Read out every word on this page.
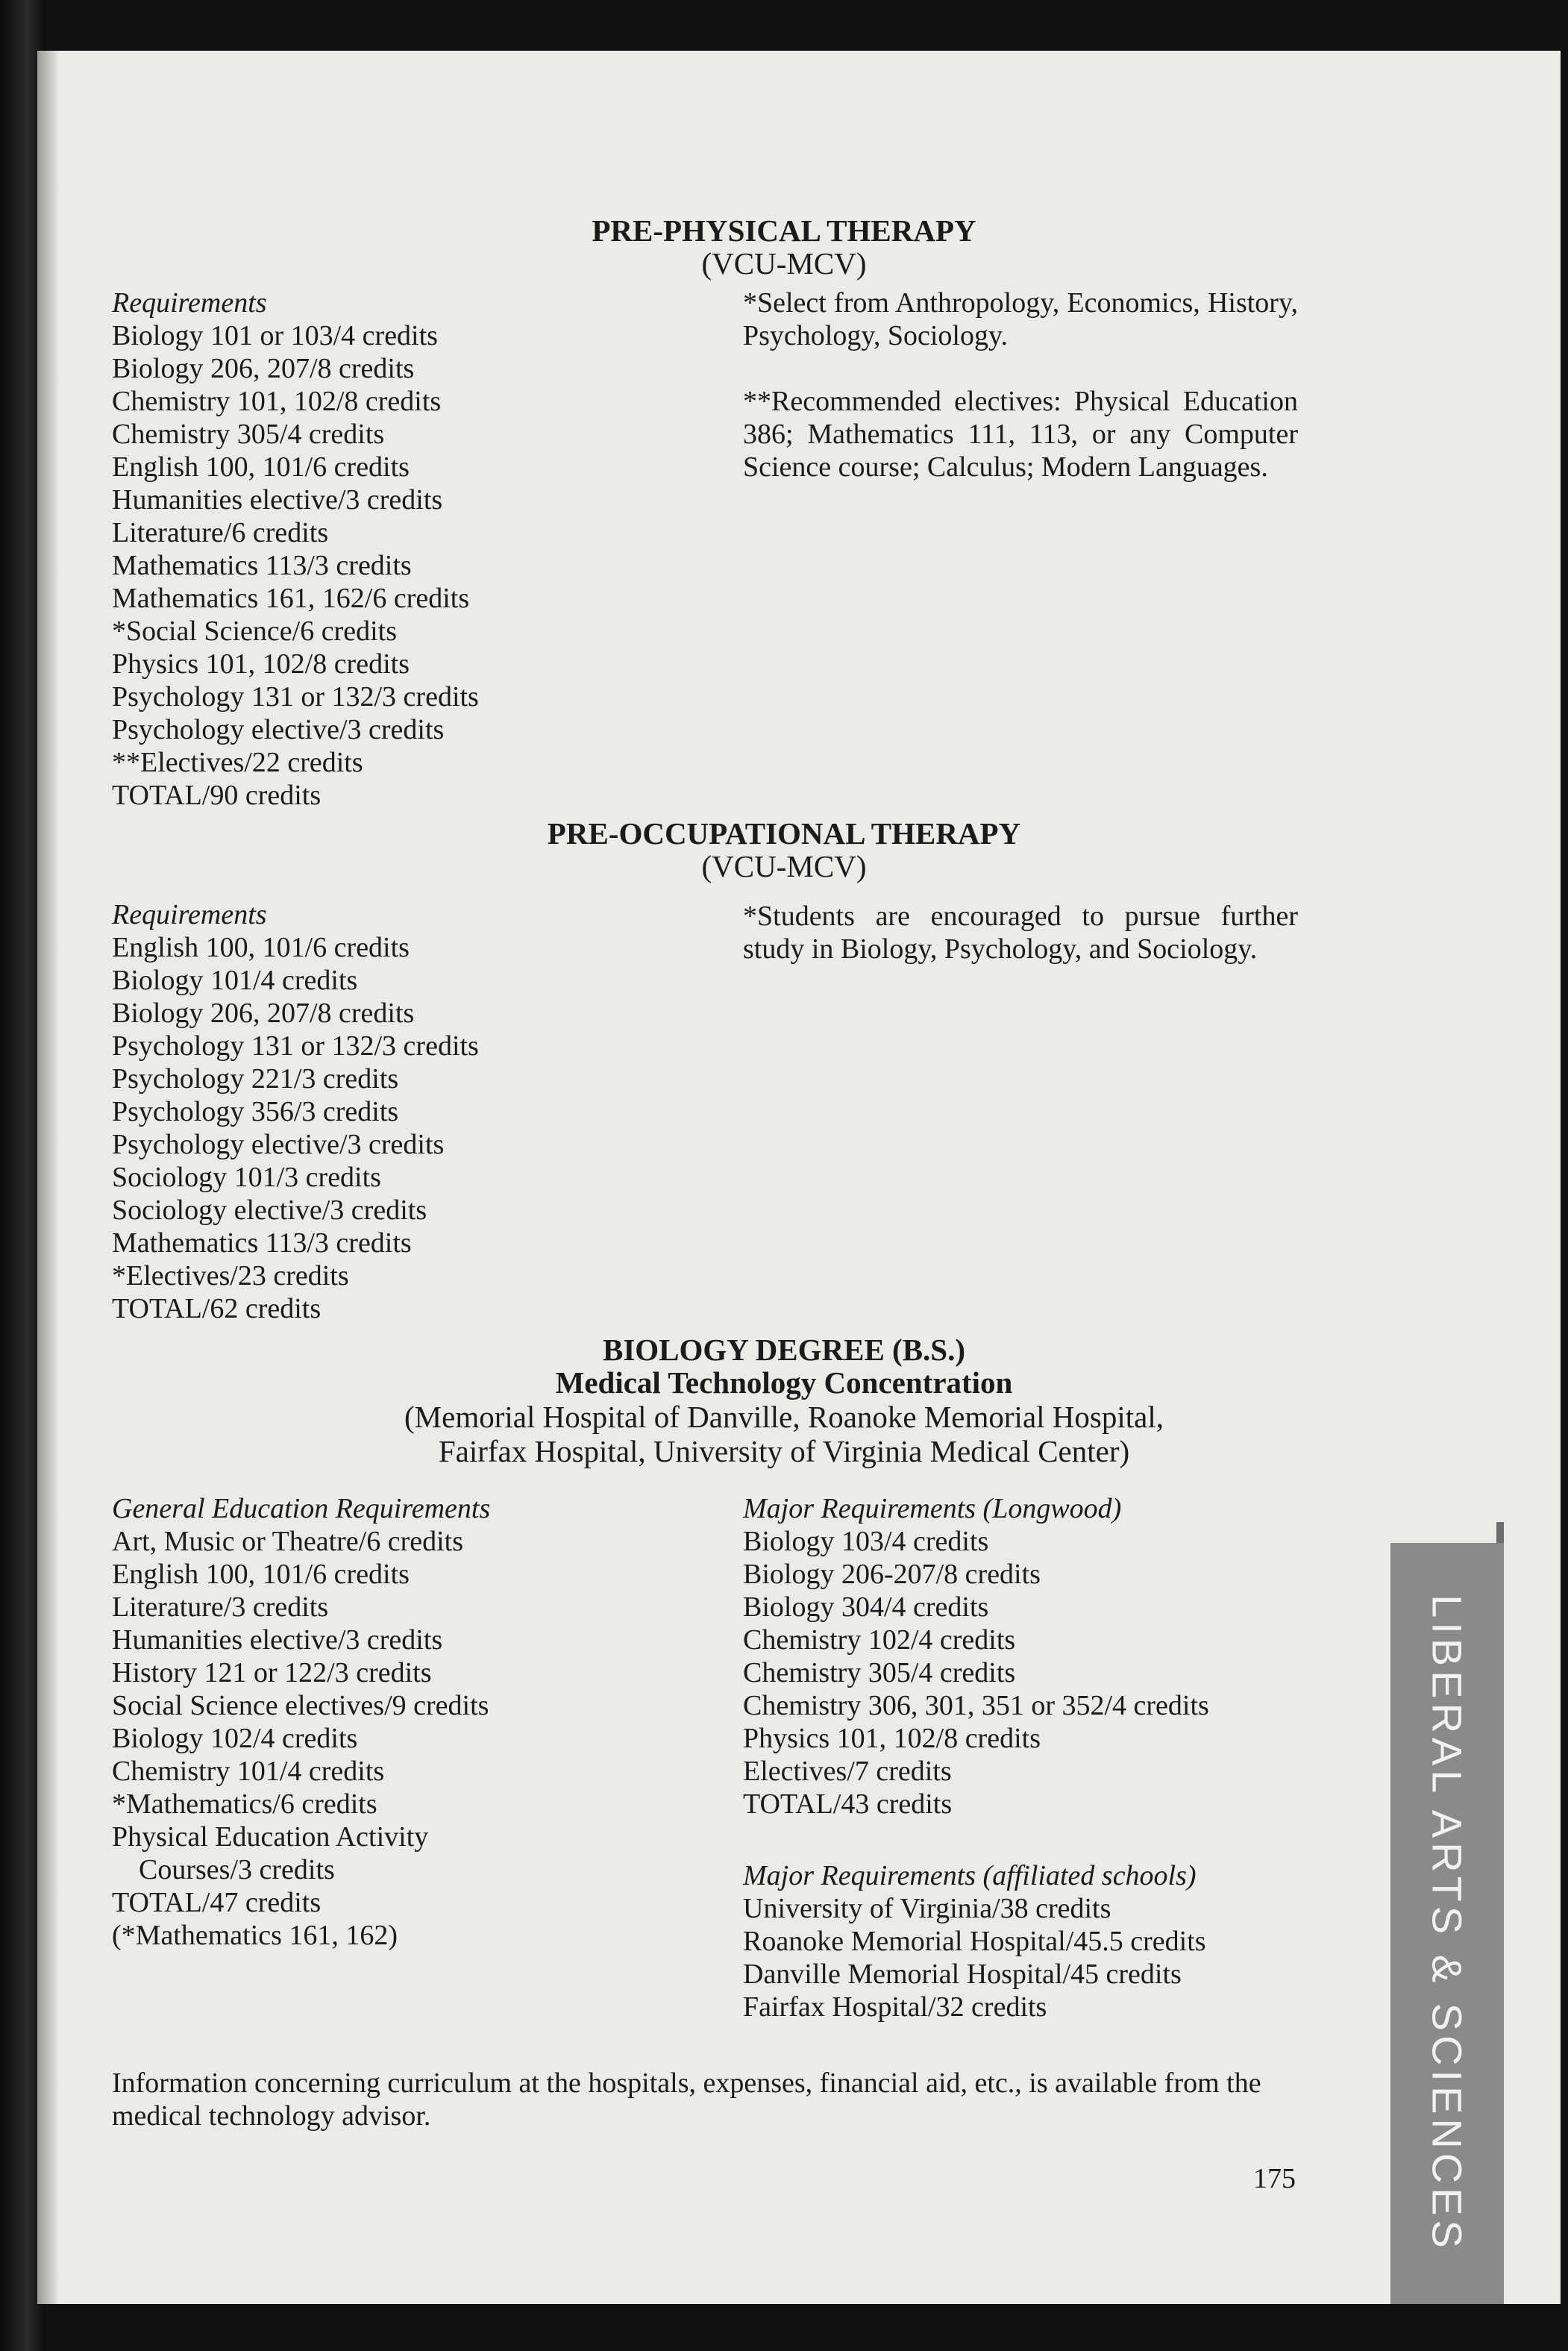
PRE-PHYSICAL THERAPY
(VCU-MCV)
Requirements
Biology 101 or 103/4 credits
Biology 206, 207/8 credits
Chemistry 101, 102/8 credits
Chemistry 305/4 credits
English 100, 101/6 credits
Humanities elective/3 credits
Literature/6 credits
Mathematics 113/3 credits
Mathematics 161, 162/6 credits
*Social Science/6 credits
Physics 101, 102/8 credits
Psychology 131 or 132/3 credits
Psychology elective/3 credits
**Electives/22 credits
TOTAL/90 credits
*Select from Anthropology, Economics, History, Psychology, Sociology.
**Recommended electives: Physical Education 386; Mathematics 111, 113, or any Computer Science course; Calculus; Modern Languages.
PRE-OCCUPATIONAL THERAPY
(VCU-MCV)
Requirements
English 100, 101/6 credits
Biology 101/4 credits
Biology 206, 207/8 credits
Psychology 131 or 132/3 credits
Psychology 221/3 credits
Psychology 356/3 credits
Psychology elective/3 credits
Sociology 101/3 credits
Sociology elective/3 credits
Mathematics 113/3 credits
*Electives/23 credits
TOTAL/62 credits
*Students are encouraged to pursue further study in Biology, Psychology, and Sociology.
BIOLOGY DEGREE (B.S.)
Medical Technology Concentration
(Memorial Hospital of Danville, Roanoke Memorial Hospital,
Fairfax Hospital, University of Virginia Medical Center)
General Education Requirements
Art, Music or Theatre/6 credits
English 100, 101/6 credits
Literature/3 credits
Humanities elective/3 credits
History 121 or 122/3 credits
Social Science electives/9 credits
Biology 102/4 credits
Chemistry 101/4 credits
*Mathematics/6 credits
Physical Education Activity
Courses/3 credits
TOTAL/47 credits
(*Mathematics 161, 162)
Major Requirements (Longwood)
Biology 103/4 credits
Biology 206-207/8 credits
Biology 304/4 credits
Chemistry 102/4 credits
Chemistry 305/4 credits
Chemistry 306, 301, 351 or 352/4 credits
Physics 101, 102/8 credits
Electives/7 credits
TOTAL/43 credits
Major Requirements (affiliated schools)
University of Virginia/38 credits
Roanoke Memorial Hospital/45.5 credits
Danville Memorial Hospital/45 credits
Fairfax Hospital/32 credits
Information concerning curriculum at the hospitals, expenses, financial aid, etc., is available from the medical technology advisor.
175	LIBERAL ARTS & SCIENCES
